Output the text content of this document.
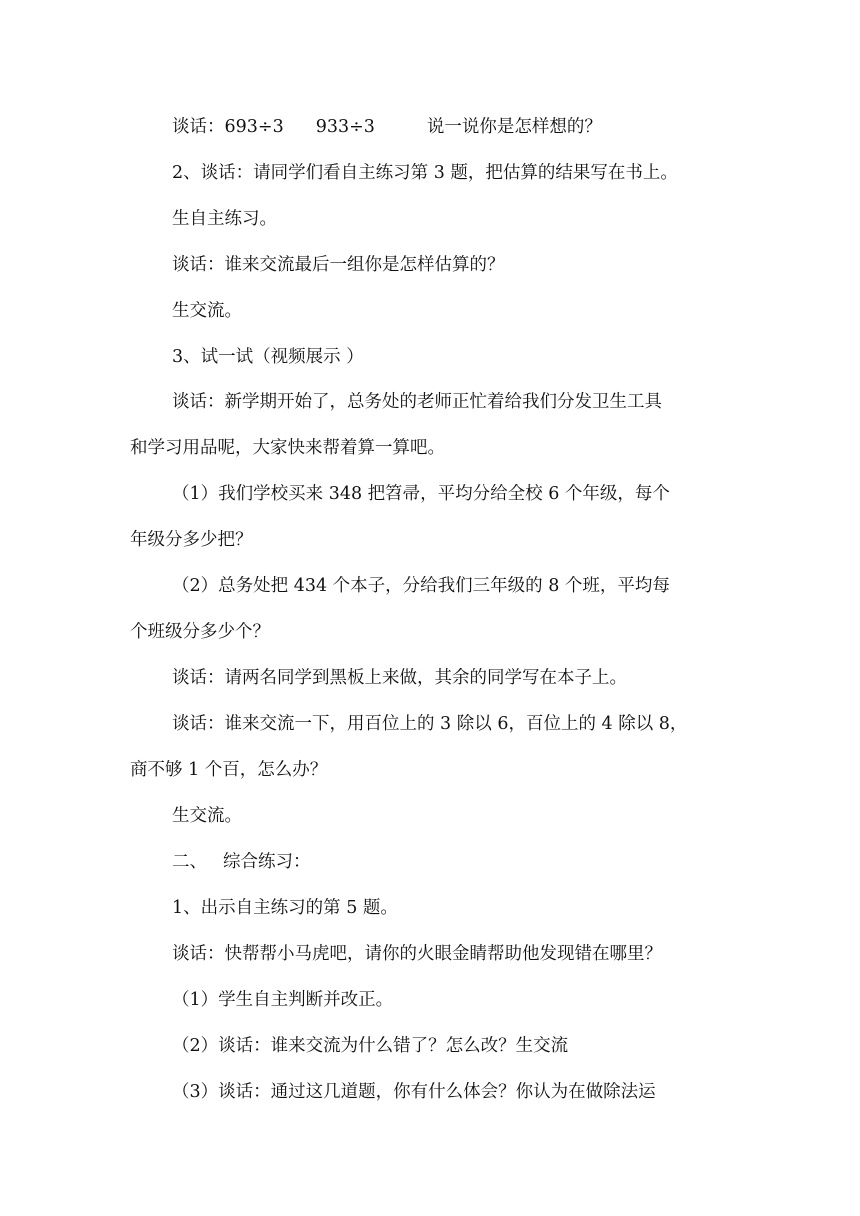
谈话：693÷3 933÷3	说一说你是怎样想的？
2、谈话：请同学们看自主练习第 3 题，把估算的结果写在书上。
生自主练习。
谈话：谁来交流最后一组你是怎样估算的？
生交流。
3、试一试（视频展示 ）
谈话：新学期开始了，总务处的老师正忙着给我们分发卫生工具
和学习用品呢，大家快来帮着算一算吧。
（1）我们学校买来 348 把笤帚，平均分给全校 6 个年级，每个
年级分多少把？
（2）总务处把 434 个本子，分给我们三年级的 8 个班，平均每
个班级分多少个？
谈话：请两名同学到黑板上来做，其余的同学写在本子上。
谈话：谁来交流一下，用百位上的 3 除以 6，百位上的 4 除以 8，
商不够 1 个百，怎么办？
生交流。
二、 综合练习：
1、出示自主练习的第 5 题。
谈话：快帮帮小马虎吧，请你的火眼金睛帮助他发现错在哪里？
（1）学生自主判断并改正。
（2）谈话：谁来交流为什么错了？怎么改？生交流
（3）谈话：通过这几道题，你有什么体会？你认为在做除法运
